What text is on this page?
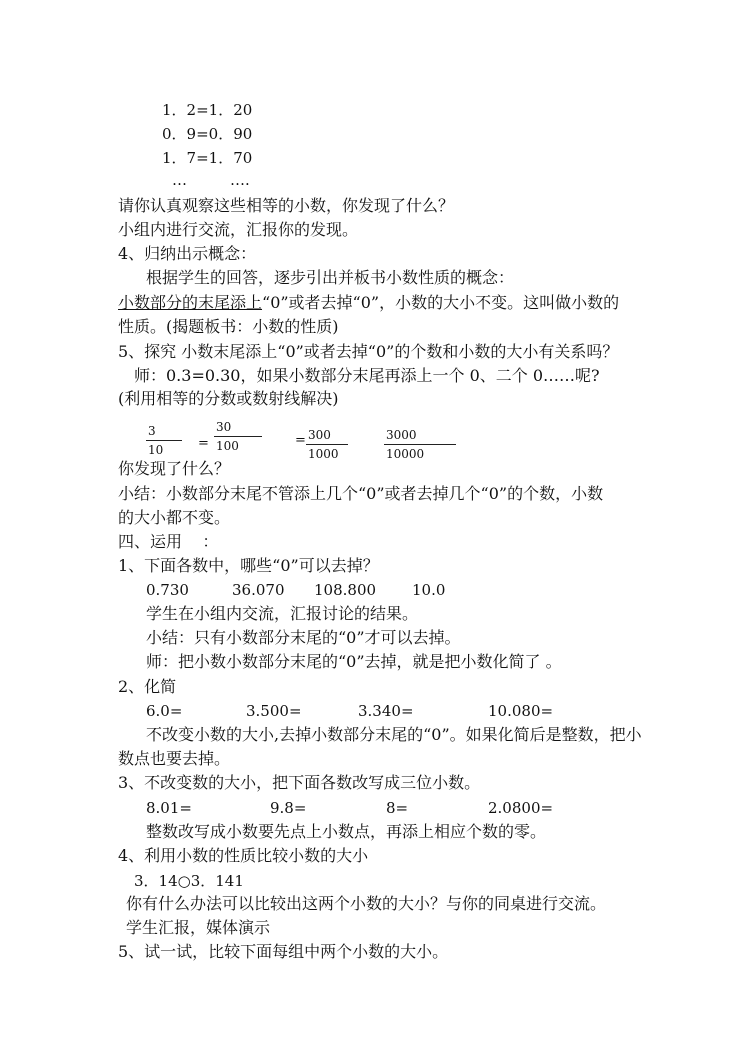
1．2=1．20
0．9=0．90
1．7=1．70
…	….
请你认真观察这些相等的小数，你发现了什么？
小组内进行交流，汇报你的发现。
4、归纳出示概念：
根据学生的回答，逐步引出并板书小数性质的概念：
小数部分的末尾添上“0”或者去掉“0”，小数的大小不变。这叫做小数的
性质。(揭题板书：小数的性质)
5、探究 小数末尾添上“0”或者去掉“0”的个数和小数的大小有关系吗？
师：0.3=0.30，如果小数部分末尾再添上一个 0、二个 0……呢?
(利用相等的分数或数射线解决)
$\frac{3}{10} = \frac{30}{100}$	= $\frac{300}{1000}$	$\frac{3000}{10000}$
你发现了什么？
小结：小数部分末尾不管添上几个“0”或者去掉几个“0”的个数，小数
的大小都不变。
四、运用    ：
1、下面各数中，哪些“0”可以去掉？
0.730	36.070 108.800 10.0
学生在小组内交流，汇报讨论的结果。
小结：只有小数部分末尾的“0”才可以去掉。
师：把小数小数部分末尾的“0”去掉，就是把小数化简了 。
2、化简
6.0=	3.500=	3.340=	10.080=
不改变小数的大小,去掉小数部分末尾的“0”。如果化简后是整数，把小
数点也要去掉。
3、不改变数的大小，把下面各数改写成三位小数。
8.01=	9.8=	8=	2.0800=
整数改写成小数要先点上小数点，再添上相应个数的零。
4、利用小数的性质比较小数的大小
3．14○3．141
你有什么办法可以比较出这两个小数的大小？与你的同桌进行交流。
学生汇报，媒体演示
5、试一试，比较下面每组中两个小数的大小。
